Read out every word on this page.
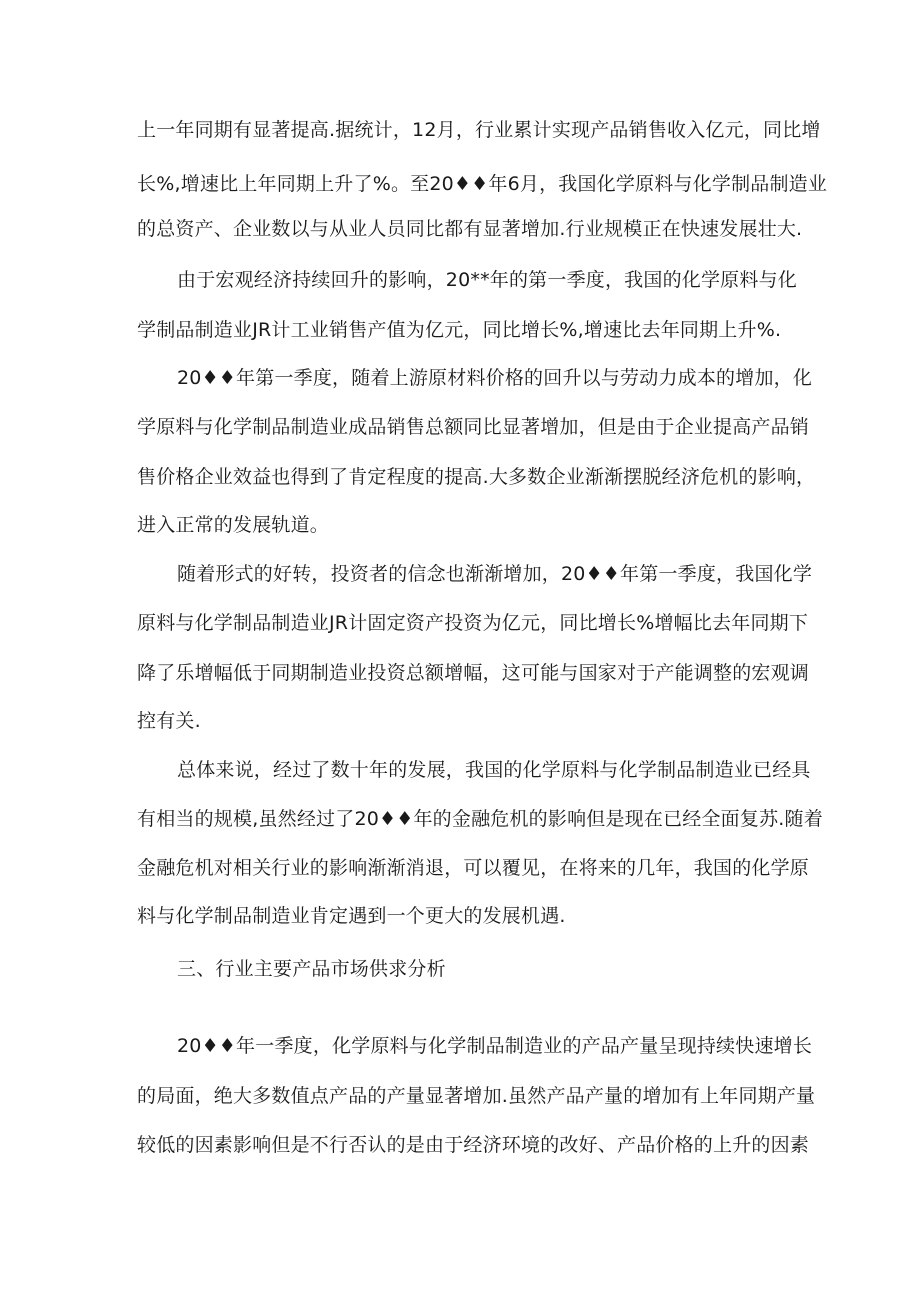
上一年同期有显著提高.据统计，12月，行业累计实现产品销售收入亿元，同比增
长%,增速比上年同期上升了%。至20♦♦年6月，我国化学原料与化学制品制造业
的总资产、企业数以与从业人员同比都有显著增加.行业规模正在快速发展壮大.
由于宏观经济持续回升的影响，20**年的第一季度，我国的化学原料与化
学制品制造业JR计工业销售产值为亿元，同比增长%,增速比去年同期上升%.
20♦♦年第一季度，随着上游原材料价格的回升以与劳动力成本的增加，化
学原料与化学制品制造业成品销售总额同比显著增加，但是由于企业提高产品销
售价格企业效益也得到了肯定程度的提高.大多数企业渐渐摆脱经济危机的影响，
进入正常的发展轨道。
随着形式的好转，投资者的信念也渐渐增加，20♦♦年第一季度，我国化学
原料与化学制品制造业JR计固定资产投资为亿元，同比增长%增幅比去年同期下
降了乐增幅低于同期制造业投资总额增幅，这可能与国家对于产能调整的宏观调
控有关.
总体来说，经过了数十年的发展，我国的化学原料与化学制品制造业已经具
有相当的规模,虽然经过了20♦♦年的金融危机的影响但是现在已经全面复苏.随着
金融危机对相关行业的影响渐渐消退，可以覆见，在将来的几年，我国的化学原
料与化学制品制造业肯定遇到一个更大的发展机遇.
三、行业主要产品市场供求分析
20♦♦年一季度，化学原料与化学制品制造业的产品产量呈现持续快速增长
的局面，绝大多数值点产品的产量显著增加.虽然产品产量的增加有上年同期产量
较低的因素影响但是不行否认的是由于经济环境的改好、产品价格的上升的因素
